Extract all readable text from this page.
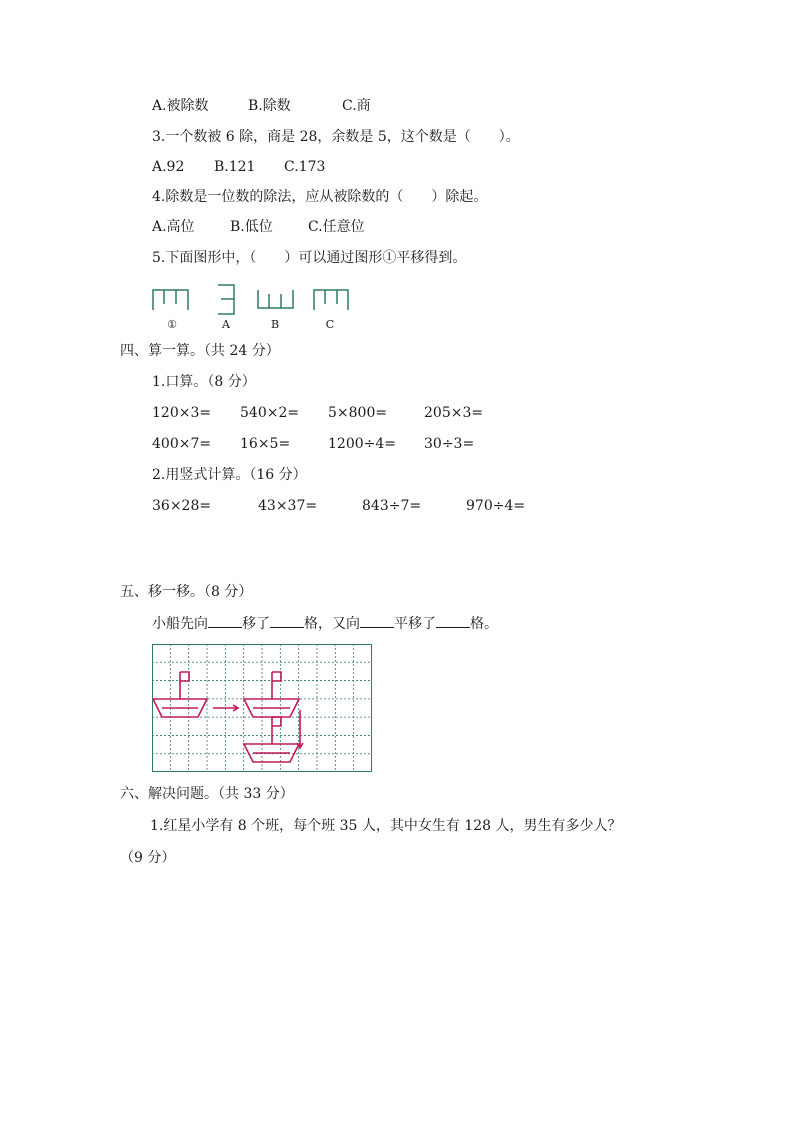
A.被除数	B.除数	C.商
3.一个数被 6 除，商是 28，余数是 5，这个数是（　　）。
A.92 B.121 C.173
4.除数是一位数的除法，应从被除数的（　　）除起。
A.高位	B.低位	C.任意位
5.下面图形中，（　　）可以通过图形①平移得到。
①	A	B	C
四、算一算。（共 24 分）
1.口算。（8 分）
120×3= 540×2= 5×800=	205×3=
400×7= 16×5=	1200÷4= 30÷3=
2.用竖式计算。（16 分）
36×28=	43×37=	843÷7=	970÷4=
五、移一移。（8 分）
小船先向 移了 格，又向 平移了 格。
六、解决问题。（共 33 分）
1.红星小学有 8 个班，每个班 35 人，其中女生有 128 人，男生有多少人？
（9 分）
